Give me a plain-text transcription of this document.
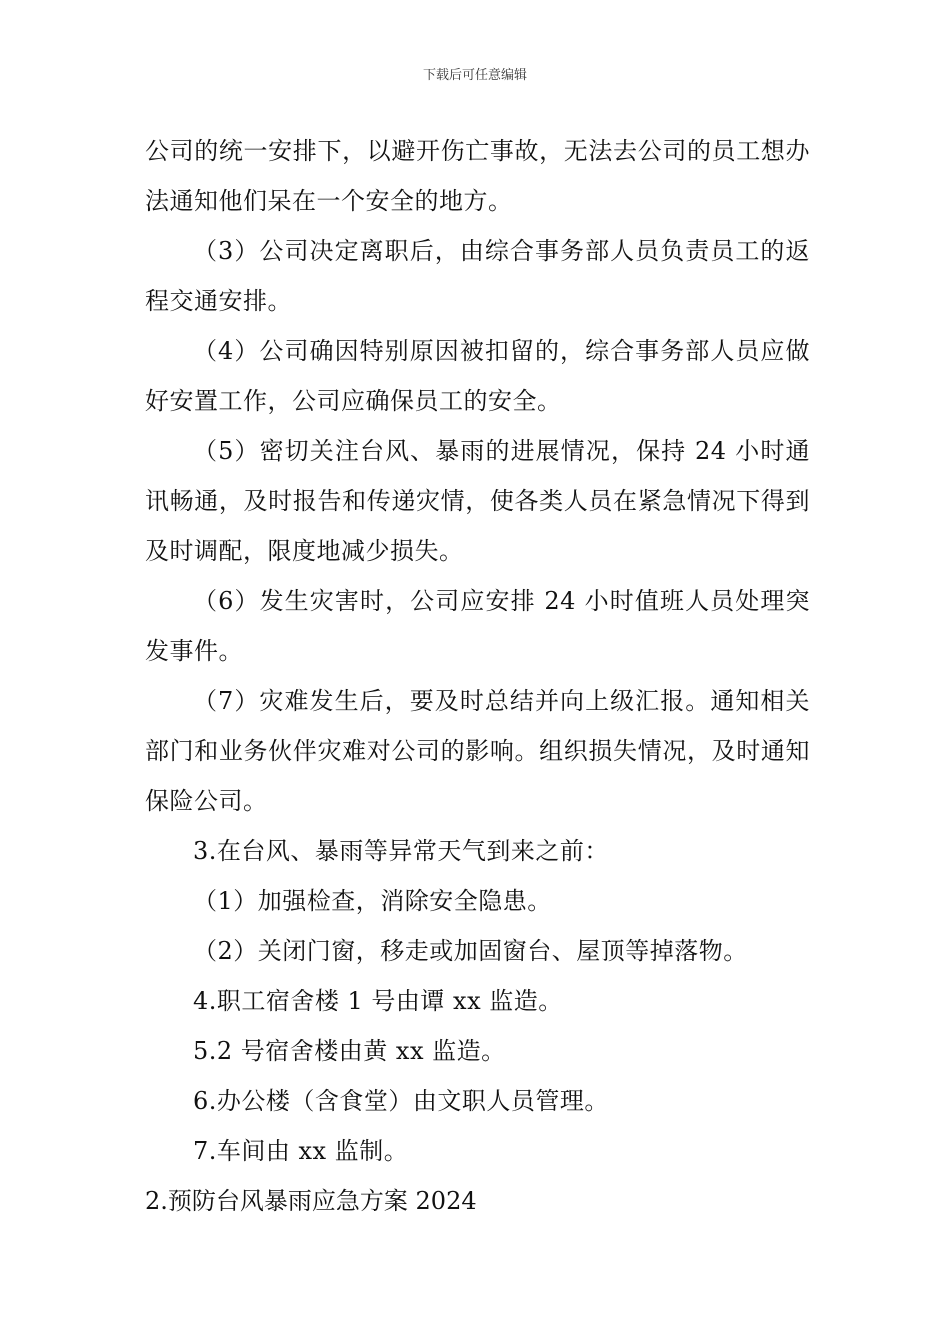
下载后可任意编辑

公司的统一安排下，以避开伤亡事故，无法去公司的员工想办法通知他们呆在一个安全的地方。

（3）公司决定离职后，由综合事务部人员负责员工的返程交通安排。

（4）公司确因特别原因被扣留的，综合事务部人员应做好安置工作，公司应确保员工的安全。

（5）密切关注台风、暴雨的进展情况，保持 24 小时通讯畅通，及时报告和传递灾情，使各类人员在紧急情况下得到及时调配，限度地减少损失。

（6）发生灾害时，公司应安排 24 小时值班人员处理突发事件。

（7）灾难发生后，要及时总结并向上级汇报。通知相关部门和业务伙伴灾难对公司的影响。组织损失情况，及时通知保险公司。

3.在台风、暴雨等异常天气到来之前：

（1）加强检查，消除安全隐患。

（2）关闭门窗，移走或加固窗台、屋顶等掉落物。

4.职工宿舍楼 1 号由谭 xx 监造。

5.2 号宿舍楼由黄 xx 监造。

6.办公楼（含食堂）由文职人员管理。

7.车间由 xx 监制。

2.预防台风暴雨应急方案 2024
